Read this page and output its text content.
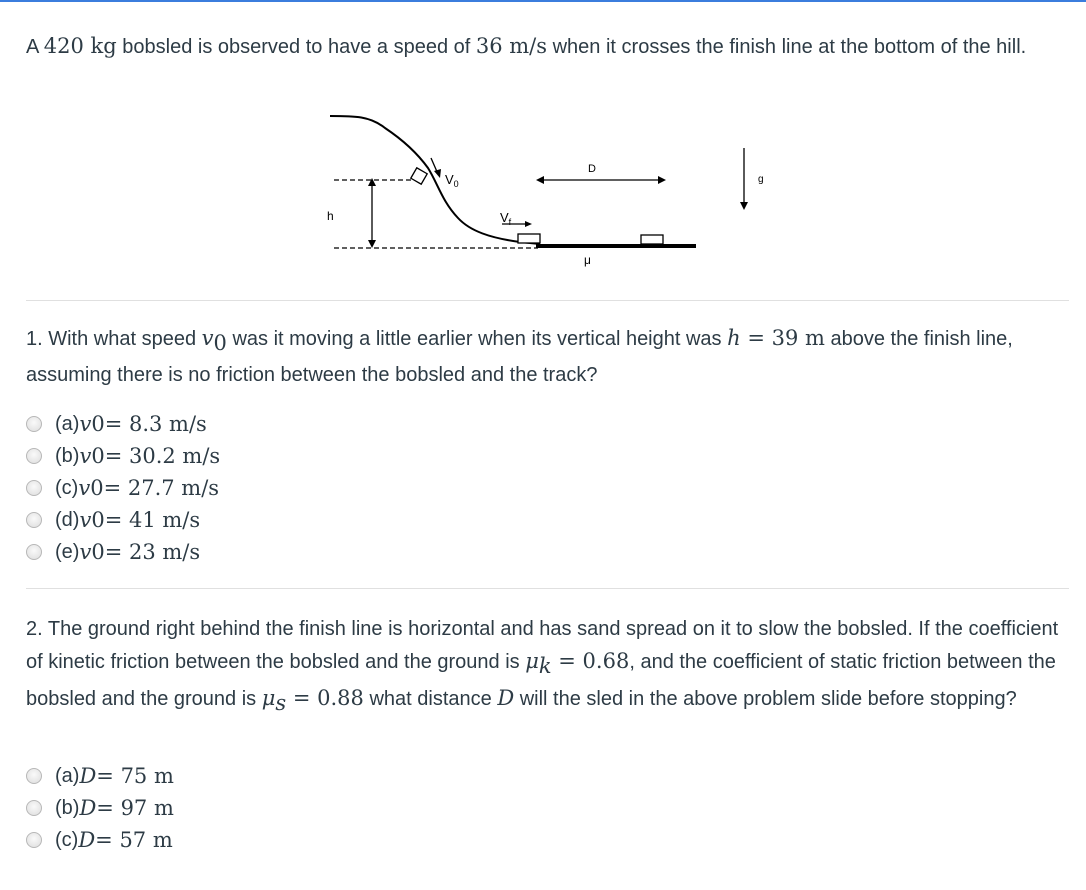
A 420 kg bobsled is observed to have a speed of 36 m/s when it crosses the finish line at the bottom of the hill.
h
$V_0$
D
g
$V_f$
μ
1. With what speed $v_0$ was it moving a little earlier when its vertical height was h = 39 m above the finish line, assuming there is no friction between the bobsled and the track?
(a) v 0 = 8.3 m/s
(b) v 0 = 30.2 m/s
(c) v 0 = 27.7 m/s
(d) v 0 = 41 m/s
(e) v 0 = 23 m/s
2. The ground right behind the finish line is horizontal and has sand spread on it to slow the bobsled. If the coefficient of kinetic friction between the bobsled and the ground is $\mu_k = 0.68$, and the coefficient of static friction between the bobsled and the ground is $\mu_s = 0.88$ what distance D will the sled in the above problem slide before stopping?
(a) D = 75 m
(b) D = 97 m
(c) D = 57 m
